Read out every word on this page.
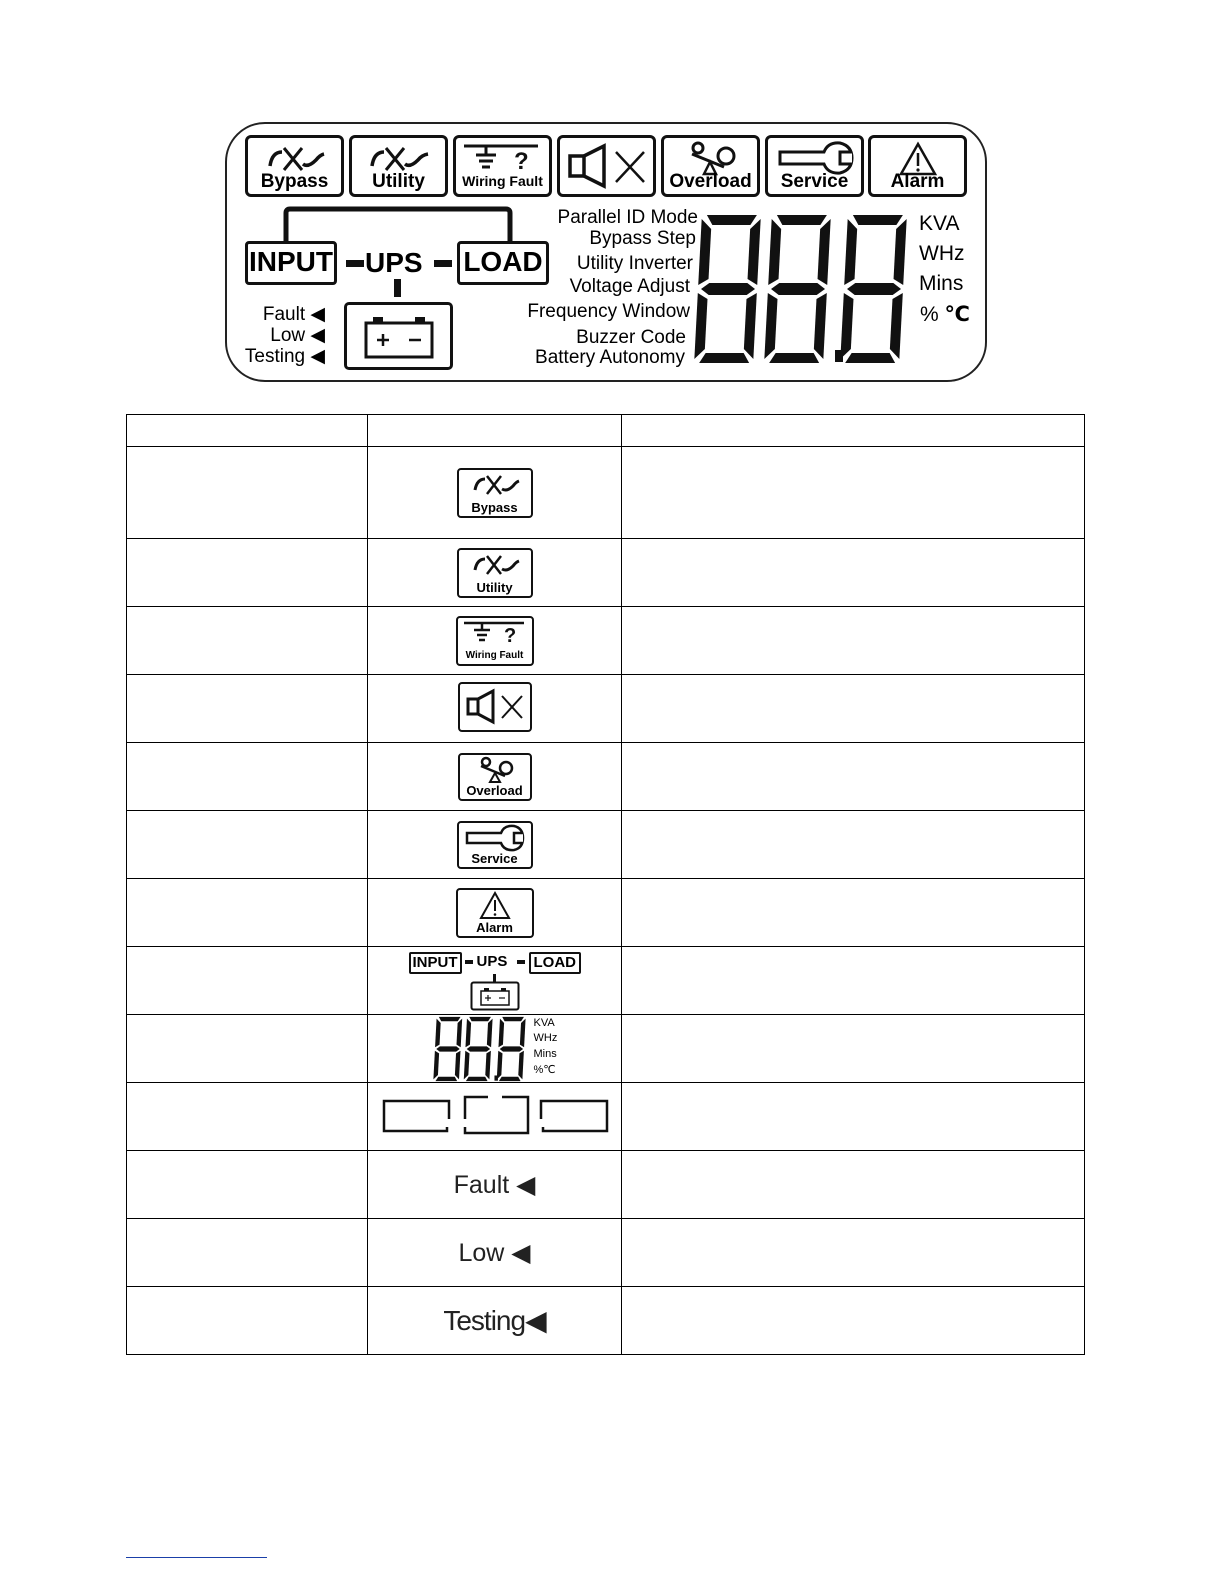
Bypass	Utility
?
Wiring Fault	Overload	Service	Alarm
INPUT UPS LOAD
Fault ◀
Low ◀
Testing ◀
Parallel ID Mode
Bypass Step
Utility Inverter
Voltage Adjust
Frequency Window
Buzzer Code
Battery Autonomy
KVA
WHz
Mins
% ℃

	Bypass	

	Utility	

?
Wiring Fault	

	Overload	

	Service	

	Alarm	

	INPUT UPS LOAD	

	KVA
WHz
Mins
%℃	

	Fault ◀	
	Low ◀	
	Testing◀	
